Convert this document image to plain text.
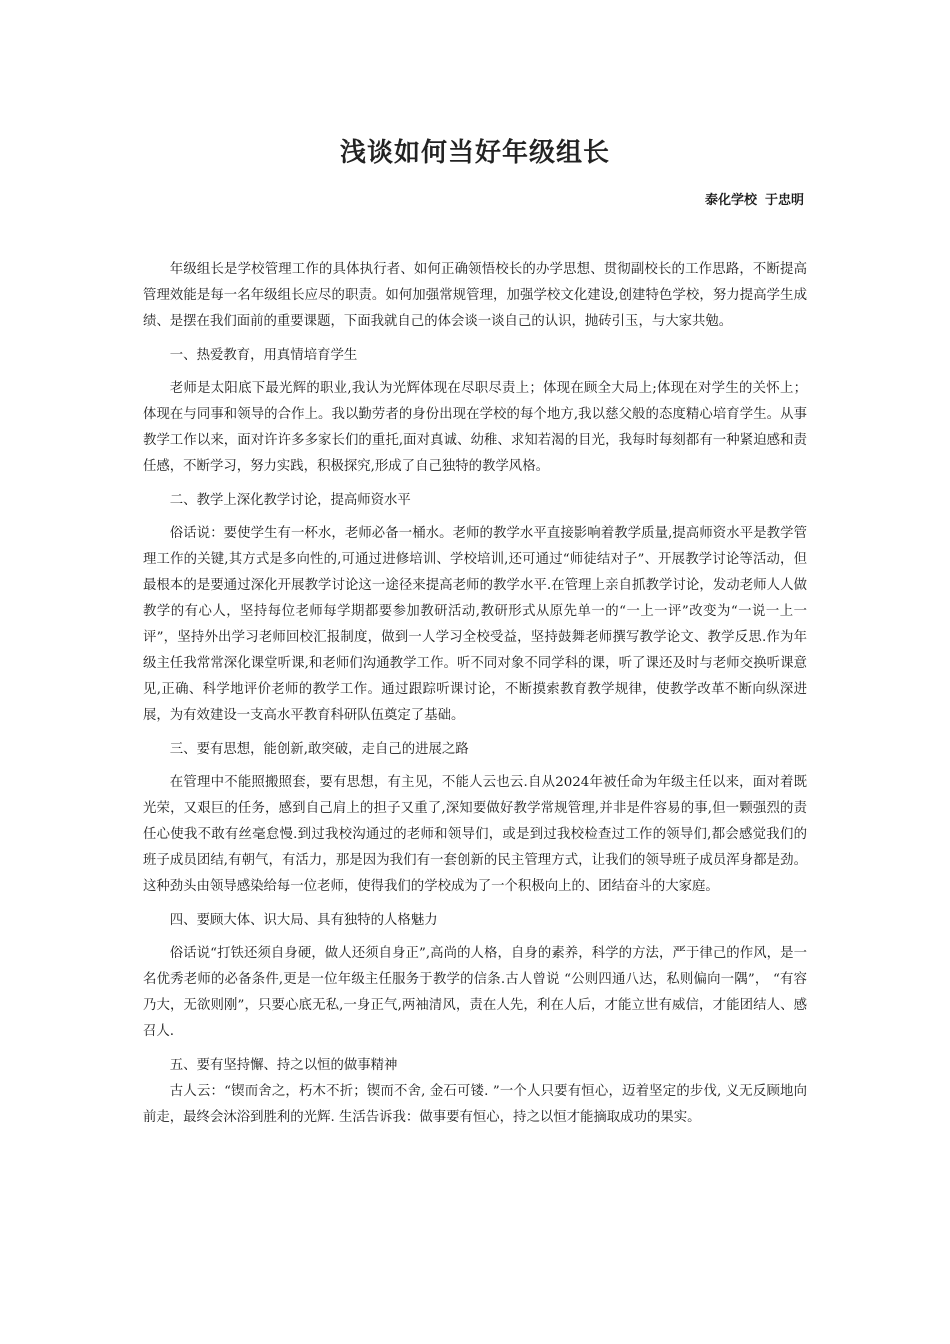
浅谈如何当好年级组长
泰化学校 于忠明

年级组长是学校管理工作的具体执行者、如何正确领悟校长的办学思想、贯彻副校长的工作思路，不断提高管理效能是每一名年级组长应尽的职责。如何加强常规管理，加强学校文化建设,创建特色学校，努力提高学生成绩、是摆在我们面前的重要课题，下面我就自己的体会谈一谈自己的认识，抛砖引玉，与大家共勉。

一、热爱教育，用真情培育学生

老师是太阳底下最光辉的职业,我认为光辉体现在尽职尽责上；体现在顾全大局上;体现在对学生的关怀上；体现在与同事和领导的合作上。我以勤劳者的身份出现在学校的每个地方,我以慈父般的态度精心培育学生。从事教学工作以来，面对许许多多家长们的重托,面对真诚、幼稚、求知若渴的目光，我每时每刻都有一种紧迫感和责任感，不断学习，努力实践，积极探究,形成了自己独特的教学风格。

二、教学上深化教学讨论，提高师资水平

俗话说：要使学生有一杯水，老师必备一桶水。老师的教学水平直接影响着教学质量,提高师资水平是教学管理工作的关键,其方式是多向性的,可通过进修培训、学校培训,还可通过“师徒结对子”、开展教学讨论等活动，但最根本的是要通过深化开展教学讨论这一途径来提高老师的教学水平.在管理上亲自抓教学讨论，发动老师人人做教学的有心人，坚持每位老师每学期都要参加教研活动,教研形式从原先单一的“一上一评”改变为“一说一上一评”，坚持外出学习老师回校汇报制度，做到一人学习全校受益，坚持鼓舞老师撰写教学论文、教学反思.作为年级主任我常常深化课堂听课,和老师们沟通教学工作。听不同对象不同学科的课，听了课还及时与老师交换听课意见,正确、科学地评价老师的教学工作。通过跟踪听课讨论，不断摸索教育教学规律，使教学改革不断向纵深进展，为有效建设一支高水平教育科研队伍奠定了基础。

三、要有思想，能创新,敢突破，走自己的进展之路

在管理中不能照搬照套，要有思想，有主见，不能人云也云.自从2024年被任命为年级主任以来，面对着既光荣，又艰巨的任务，感到自己肩上的担子又重了,深知要做好教学常规管理,并非是件容易的事,但一颗强烈的责任心使我不敢有丝毫怠慢.到过我校沟通过的老师和领导们，或是到过我校检查过工作的领导们,都会感觉我们的班子成员团结,有朝气，有活力，那是因为我们有一套创新的民主管理方式，让我们的领导班子成员浑身都是劲。这种劲头由领导感染给每一位老师，使得我们的学校成为了一个积极向上的、团结奋斗的大家庭。

四、要顾大体、识大局、具有独特的人格魅力

俗话说“打铁还须自身硬，做人还须自身正”,高尚的人格，自身的素养，科学的方法，严于律己的作风，是一名优秀老师的必备条件,更是一位年级主任服务于教学的信条.古人曾说 “公则四通八达，私则偏向一隅”， “有容乃大，无欲则刚”，只要心底无私,一身正气,两袖清风，责在人先，利在人后，才能立世有威信，才能团结人、感召人.

五、要有坚持懈、持之以恒的做事精神

古人云：“锲而舍之，朽木不折；锲而不舍, 金石可镂. ”一个人只要有恒心，迈着坚定的步伐, 义无反顾地向前走，最终会沐浴到胜利的光辉. 生活告诉我：做事要有恒心，持之以恒才能摘取成功的果实。
